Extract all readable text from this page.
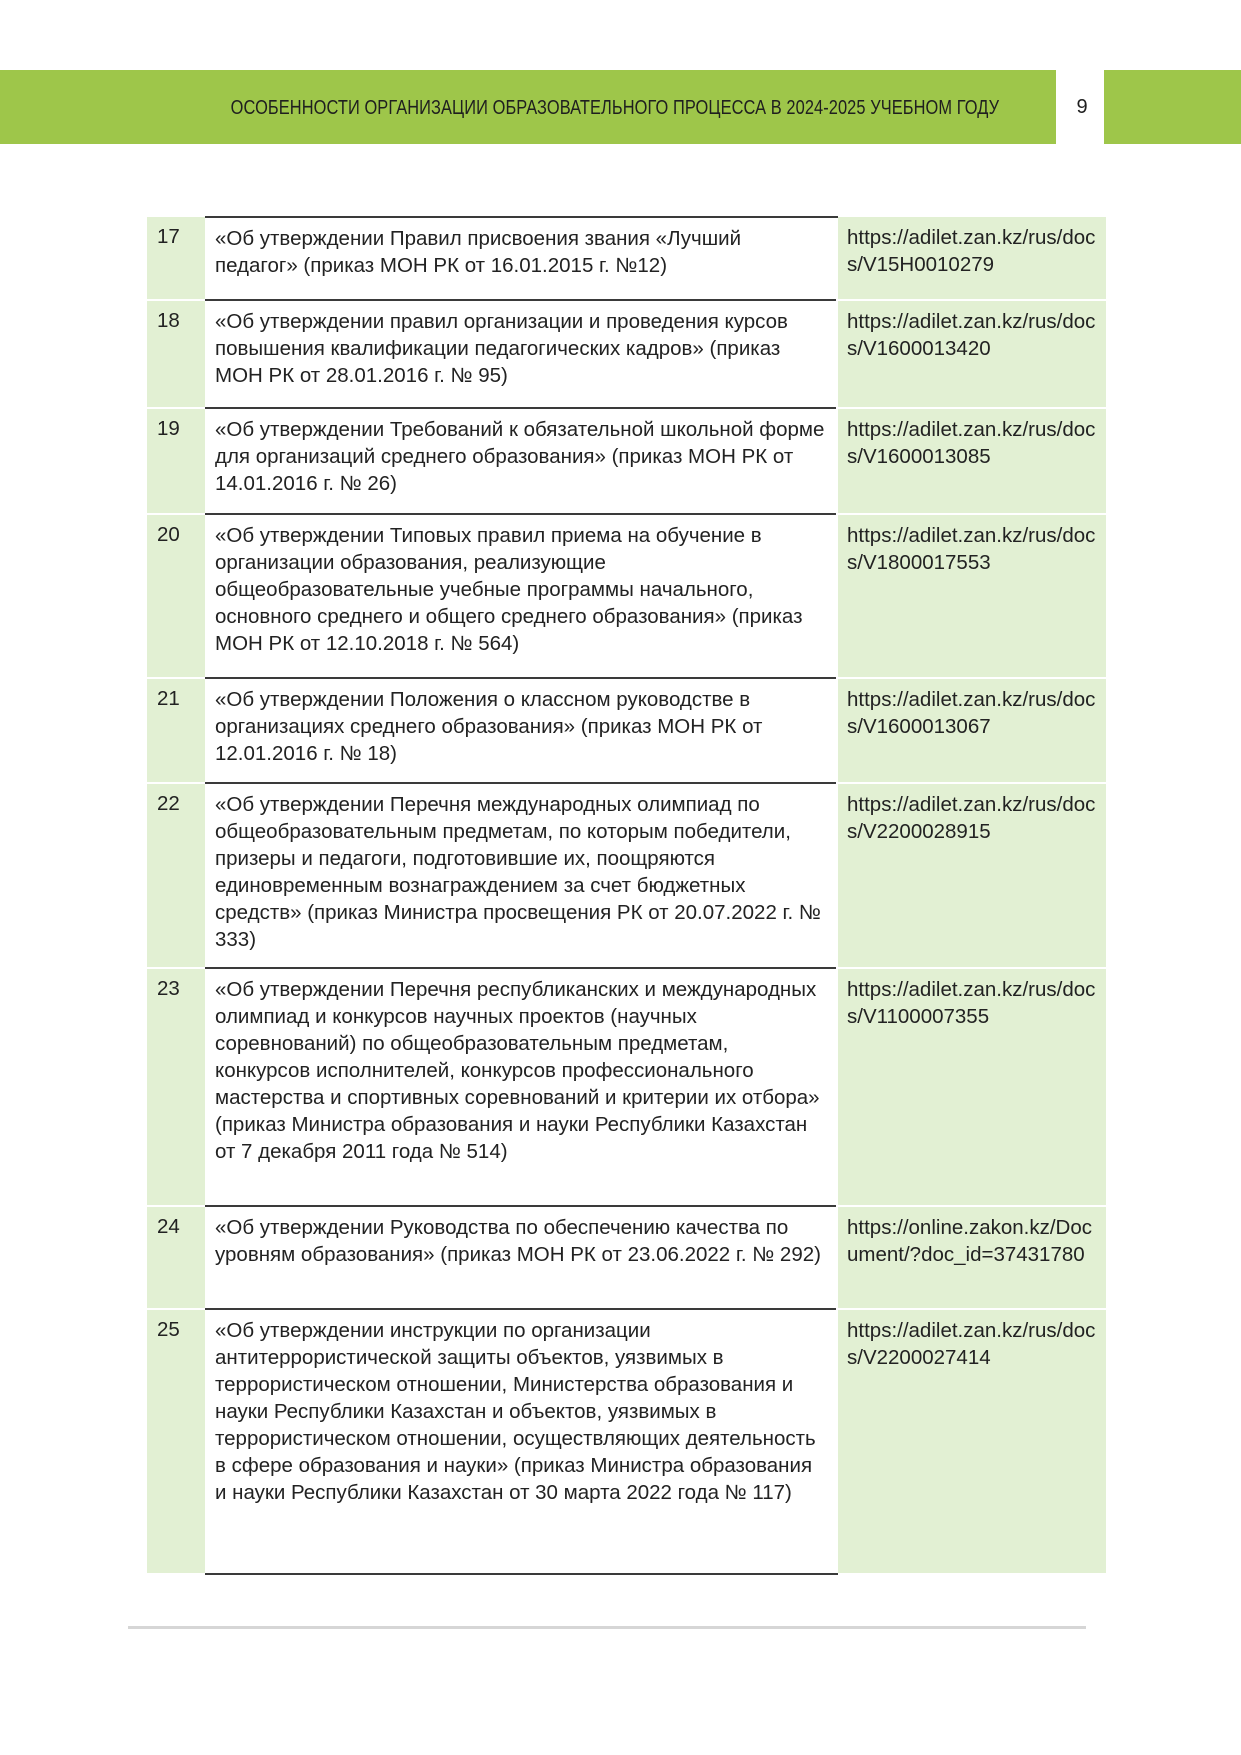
ОСОБЕННОСТИ ОРГАНИЗАЦИИ ОБРАЗОВАТЕЛЬНОГО ПРОЦЕССА В 2024-2025 УЧЕБНОМ ГОДУ	9
17	«Об утверждении Правил присвоения звания «Лучший педагог» (приказ МОН РК от 16.01.2015 г. №12)	https://adilet.zan.kz/rus/docs/V15H0010279

18	«Об утверждении правил организации и проведения курсов повышения квалификации педагогических кадров» (приказ МОН РК от 28.01.2016 г. № 95)	https://adilet.zan.kz/rus/docs/V1600013420

19	«Об утверждении Требований к обязательной школьной форме для организаций среднего образования» (приказ МОН РК от 14.01.2016 г. № 26)	https://adilet.zan.kz/rus/docs/V1600013085

20	«Об утверждении Типовых правил приема на обучение в организации образования, реализующие общеобразовательные учебные программы начального, основного среднего и общего среднего образования» (приказ МОН РК от 12.10.2018 г. № 564)	https://adilet.zan.kz/rus/docs/V1800017553

21	«Об утверждении Положения о классном руководстве в организациях среднего образования» (приказ МОН РК от 12.01.2016 г. № 18)	https://adilet.zan.kz/rus/docs/V1600013067

22	«Об утверждении Перечня международных олимпиад по общеобразовательным предметам, по которым победители, призеры и педагоги, подготовившие их, поощряются единовременным вознаграждением за счет бюджетных средств» (приказ Министра просвещения РК от 20.07.2022 г. № 333)	https://adilet.zan.kz/rus/docs/V2200028915

23	«Об утверждении Перечня республиканских и международных олимпиад и конкурсов научных проектов (научных соревнований) по общеобразовательным предметам, конкурсов исполнителей, конкурсов профессионального мастерства и спортивных соревнований и критерии их отбора» (приказ Министра образования и науки Республики Казахстан от 7 декабря 2011 года № 514)	https://adilet.zan.kz/rus/docs/V1100007355

24	«Об утверждении Руководства по обеспечению качества по уровням образования» (приказ МОН РК от 23.06.2022 г. № 292)	https://online.zakon.kz/Document/?doc_id=37431780

25	«Об утверждении инструкции по организации антитеррористической защиты объектов, уязвимых в террористическом отношении, Министерства образования и науки Республики Казахстан и объектов, уязвимых в террористическом отношении, осуществляющих деятельность в сфере образования и науки» (приказ Министра образования и науки Республики Казахстан от 30 марта 2022 года № 117)	https://adilet.zan.kz/rus/docs/V2200027414
